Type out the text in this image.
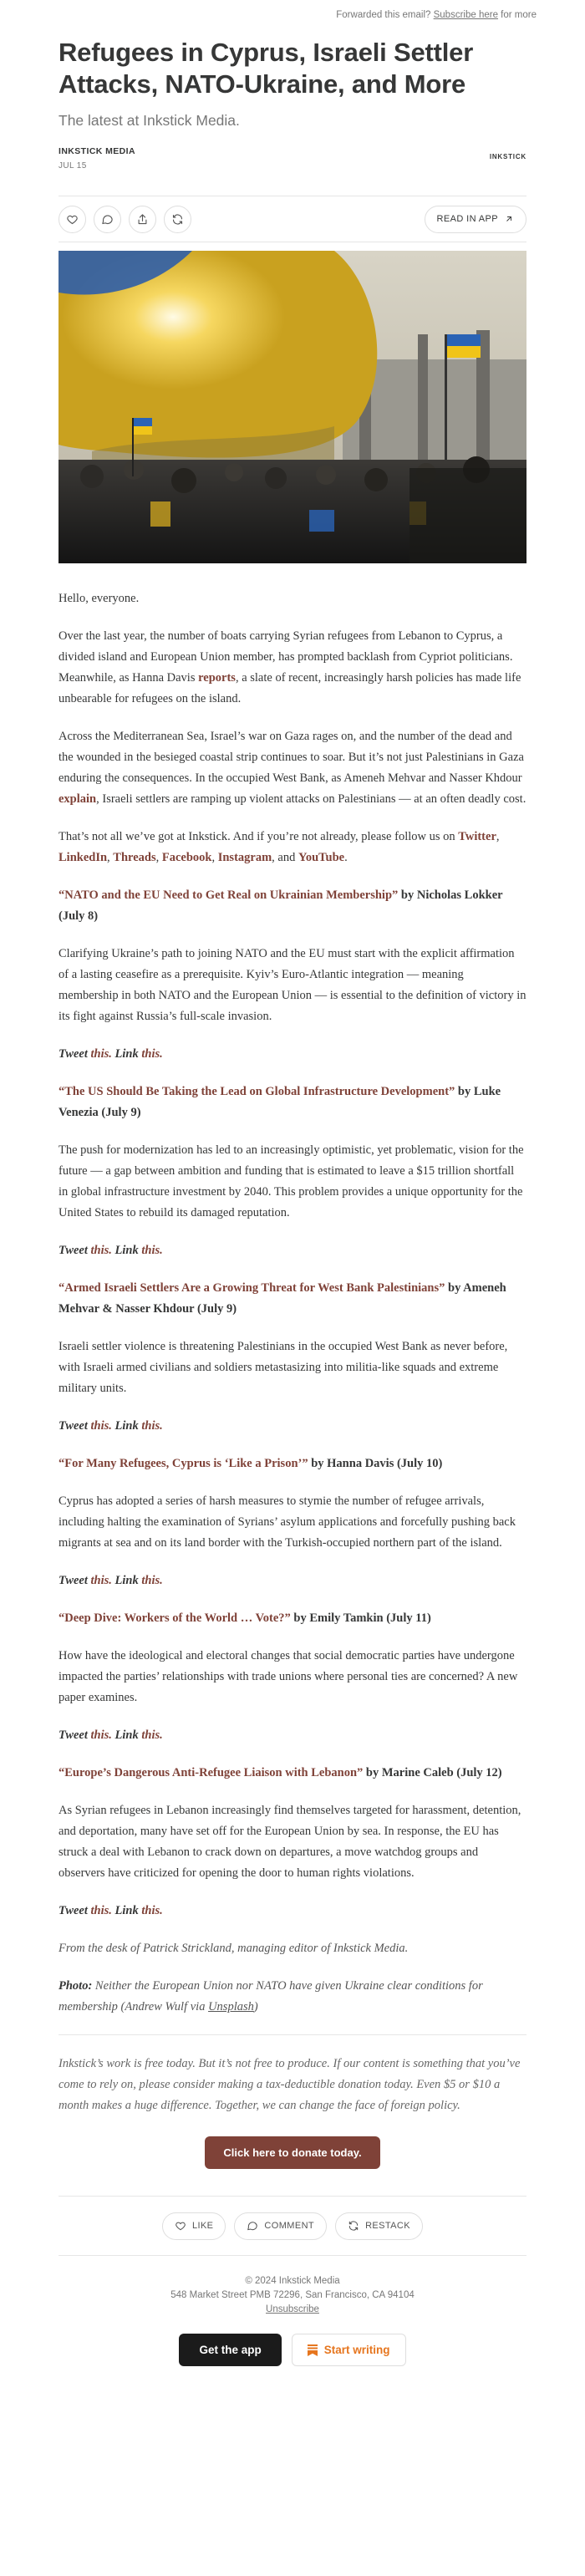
Forwarded this email? Subscribe here for more
Refugees in Cyprus, Israeli Settler Attacks, NATO-Ukraine, and More
The latest at Inkstick Media.
INKSTICK MEDIA
JUL 15
INKSTICK
READ IN APP

Hello, everyone.

Over the last year, the number of boats carrying Syrian refugees from Lebanon to Cyprus, a divided island and European Union member, has prompted backlash from Cypriot politicians. Meanwhile, as Hanna Davis reports, a slate of recent, increasingly harsh policies has made life unbearable for refugees on the island.

Across the Mediterranean Sea, Israel’s war on Gaza rages on, and the number of the dead and the wounded in the besieged coastal strip continues to soar. But it’s not just Palestinians in Gaza enduring the consequences. In the occupied West Bank, as Ameneh Mehvar and Nasser Khdour explain, Israeli settlers are ramping up violent attacks on Palestinians — at an often deadly cost.

That’s not all we’ve got at Inkstick. And if you’re not already, please follow us on Twitter, LinkedIn, Threads, Facebook, Instagram, and YouTube.

“NATO and the EU Need to Get Real on Ukrainian Membership” by Nicholas Lokker (July 8)

Clarifying Ukraine’s path to joining NATO and the EU must start with the explicit affirmation of a lasting ceasefire as a prerequisite. Kyiv’s Euro-Atlantic integration — meaning membership in both NATO and the European Union — is essential to the definition of victory in its fight against Russia’s full-scale invasion.

Tweet this. Link this.

“The US Should Be Taking the Lead on Global Infrastructure Development” by Luke Venezia (July 9)

The push for modernization has led to an increasingly optimistic, yet problematic, vision for the future — a gap between ambition and funding that is estimated to leave a $15 trillion shortfall in global infrastructure investment by 2040. This problem provides a unique opportunity for the United States to rebuild its damaged reputation.

Tweet this. Link this.

“Armed Israeli Settlers Are a Growing Threat for West Bank Palestinians” by Ameneh Mehvar & Nasser Khdour (July 9)

Israeli settler violence is threatening Palestinians in the occupied West Bank as never before, with Israeli armed civilians and soldiers metastasizing into militia-like squads and extreme military units.

Tweet this. Link this.

“For Many Refugees, Cyprus is ‘Like a Prison’” by Hanna Davis (July 10)

Cyprus has adopted a series of harsh measures to stymie the number of refugee arrivals, including halting the examination of Syrians’ asylum applications and forcefully pushing back migrants at sea and on its land border with the Turkish-occupied northern part of the island.

Tweet this. Link this.

“Deep Dive: Workers of the World … Vote?” by Emily Tamkin (July 11)

How have the ideological and electoral changes that social democratic parties have undergone impacted the parties’ relationships with trade unions where personal ties are concerned? A new paper examines.

Tweet this. Link this.

“Europe’s Dangerous Anti-Refugee Liaison with Lebanon” by Marine Caleb (July 12)

As Syrian refugees in Lebanon increasingly find themselves targeted for harassment, detention, and deportation, many have set off for the European Union by sea. In response, the EU has struck a deal with Lebanon to crack down on departures, a move watchdog groups and observers have criticized for opening the door to human rights violations.

Tweet this. Link this.

From the desk of Patrick Strickland, managing editor of Inkstick Media.

Photo: Neither the European Union nor NATO have given Ukraine clear conditions for membership (Andrew Wulf via Unsplash)

Inkstick’s work is free today. But it’s not free to produce. If our content is something that you’ve come to rely on, please consider making a tax-deductible donation today. Even $5 or $10 a month makes a huge difference. Together, we can change the face of foreign policy.
Click here to donate today.
LIKE	COMMENT	RESTACK
© 2024 Inkstick Media
548 Market Street PMB 72296, San Francisco, CA 94104
Unsubscribe
Get the app	Start writing
